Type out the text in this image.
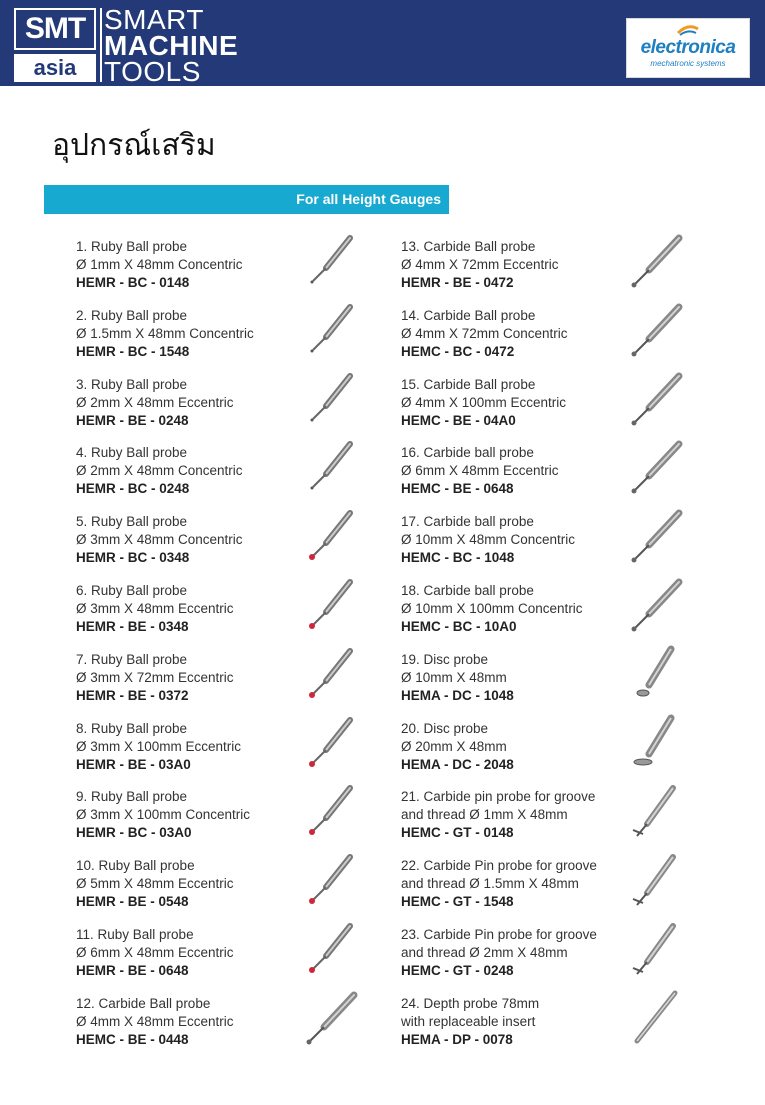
SMT
asia
SMART
MACHINE
TOOLS
electronica
mechatronic systems
อุปกรณ์เสริม
For all Height Gauges
1. Ruby Ball probe
Ø 1mm X 48mm Concentric
HEMR - BC - 0148
2. Ruby Ball probe
Ø 1.5mm X 48mm Concentric
HEMR - BC - 1548
3. Ruby Ball probe
Ø 2mm X 48mm Eccentric
HEMR - BE - 0248
4. Ruby Ball probe
Ø 2mm X 48mm Concentric
HEMR - BC - 0248
5. Ruby Ball probe
Ø 3mm X 48mm Concentric
HEMR - BC - 0348
6. Ruby Ball probe
Ø 3mm X 48mm Eccentric
HEMR - BE - 0348
7. Ruby Ball probe
Ø 3mm X 72mm Eccentric
HEMR - BE - 0372
8. Ruby Ball probe
Ø 3mm X 100mm Eccentric
HEMR - BE - 03A0
9. Ruby Ball probe
Ø 3mm X 100mm Concentric
HEMR - BC - 03A0
10. Ruby Ball probe
Ø 5mm X 48mm Eccentric
HEMR - BE - 0548
11. Ruby Ball probe
Ø 6mm X 48mm Eccentric
HEMR - BE - 0648
12. Carbide Ball probe
Ø 4mm X 48mm Eccentric
HEMC - BE - 0448
13. Carbide Ball probe
Ø 4mm X 72mm Eccentric
HEMR - BE - 0472
14. Carbide Ball probe
Ø 4mm X 72mm Concentric
HEMC - BC - 0472
15. Carbide Ball probe
Ø 4mm X 100mm Eccentric
HEMC - BE - 04A0
16. Carbide ball probe
Ø 6mm X 48mm Eccentric
HEMC - BE - 0648
17. Carbide ball probe
Ø 10mm X 48mm Concentric
HEMC - BC - 1048
18. Carbide ball probe
Ø 10mm X 100mm Concentric
HEMC - BC - 10A0
19. Disc probe
Ø 10mm X 48mm
HEMA - DC - 1048
20. Disc probe
Ø 20mm X 48mm
HEMA - DC - 2048
21. Carbide pin probe for groove
and thread Ø 1mm X 48mm
HEMC - GT - 0148
22. Carbide Pin probe for groove
and thread Ø 1.5mm X 48mm
HEMC - GT - 1548
23. Carbide Pin probe for groove
and thread Ø 2mm X 48mm
HEMC - GT - 0248
24. Depth probe 78mm
with replaceable insert
HEMA - DP - 0078
